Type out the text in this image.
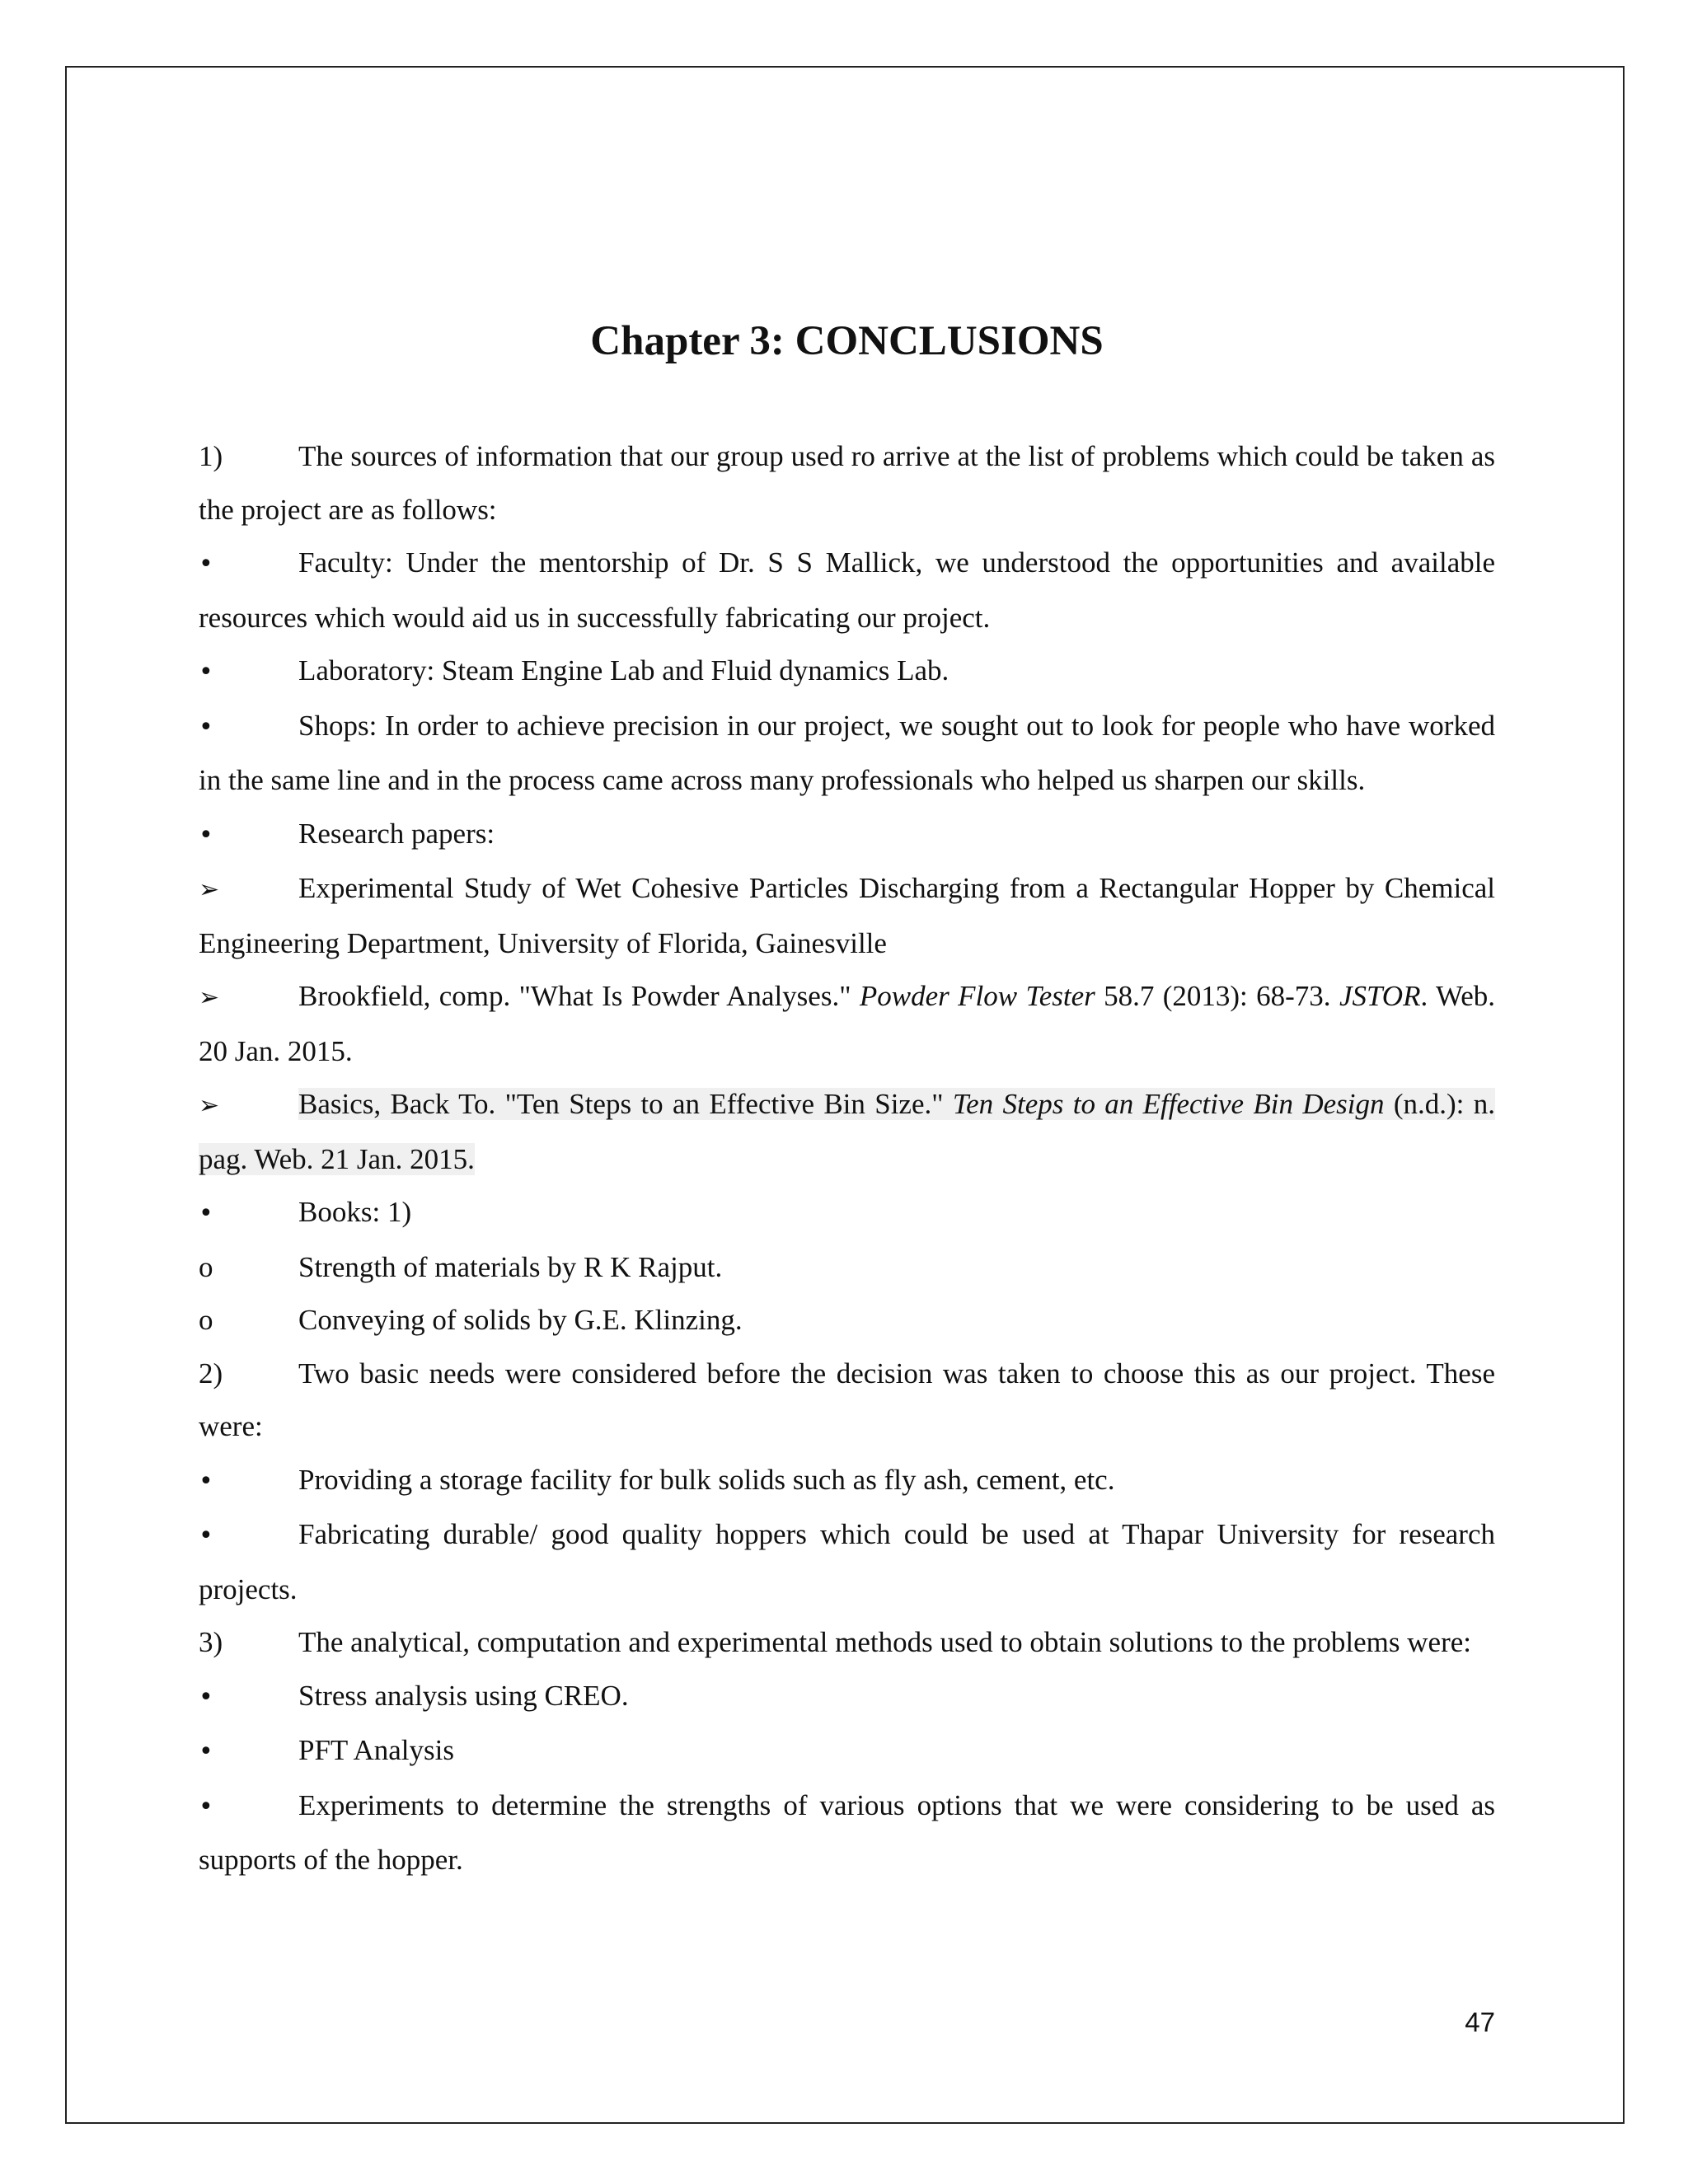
Chapter 3: CONCLUSIONS

1)	The sources of information that our group used ro arrive at the list of problems which could be taken as the project are as follows:

•	Faculty: Under the mentorship of Dr. S S Mallick, we understood the opportunities and available resources which would aid us in successfully fabricating our project.

•	Laboratory: Steam Engine Lab and Fluid dynamics Lab.

•	Shops: In order to achieve precision in our project, we sought out to look for people who have worked in the same line and in the process came across many professionals who helped us sharpen our skills.

•	Research papers:

➢	Experimental Study of Wet Cohesive Particles Discharging from a Rectangular Hopper by Chemical Engineering Department, University of Florida, Gainesville

➢	Brookfield, comp. "What Is Powder Analyses." Powder Flow Tester 58.7 (2013): 68-73. JSTOR. Web. 20 Jan. 2015.

➢	Basics, Back To. "Ten Steps to an Effective Bin Size." Ten Steps to an Effective Bin Design (n.d.): n. pag. Web. 21 Jan. 2015.

•	Books: 1)

o	Strength of materials by R K Rajput.

o	Conveying of solids by G.E. Klinzing.

2)	Two basic needs were considered before the decision was taken to choose this as our project. These were:

•	Providing a storage facility for bulk solids such as fly ash, cement, etc.

•	Fabricating durable/ good quality hoppers which could be used at Thapar University for research projects.

3)	The analytical, computation and experimental methods used to obtain solutions to the problems were:

•	Stress analysis using CREO.

•	PFT Analysis

•	Experiments to determine the strengths of various options that we were considering to be used as supports of the hopper.

47
